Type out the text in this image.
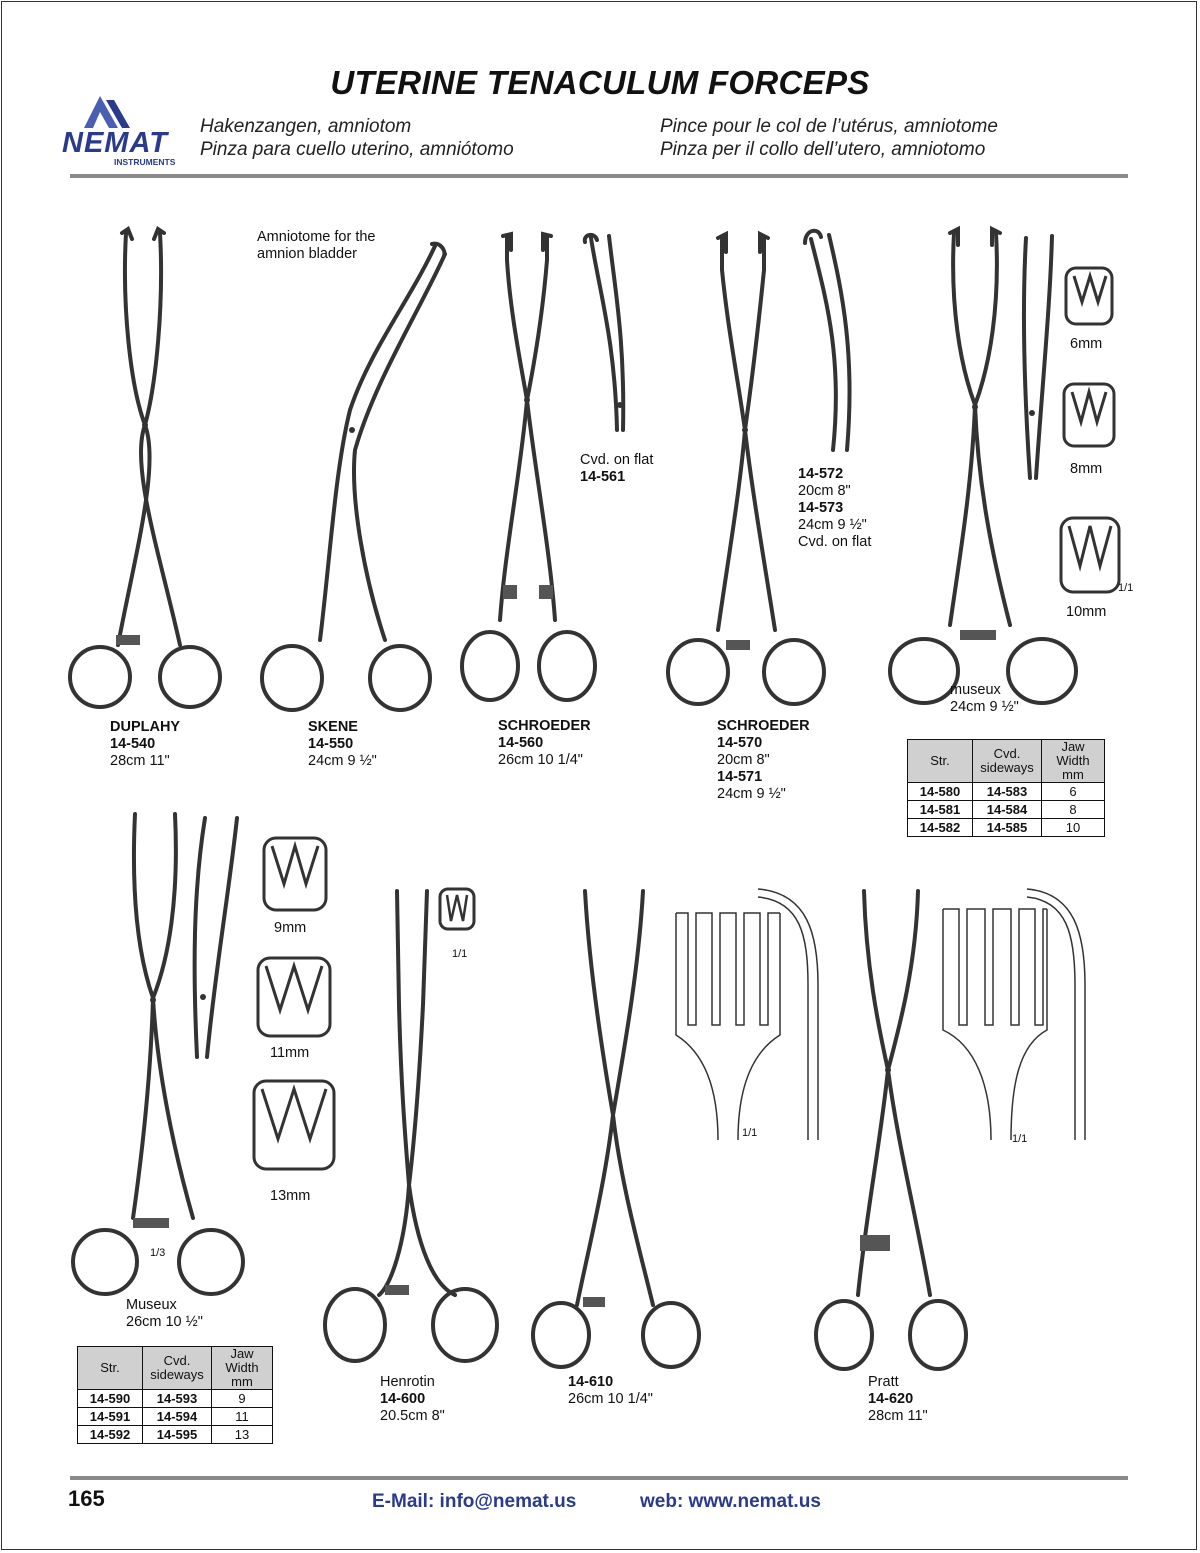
UTERINE TENACULUM FORCEPS
NEMAT
INSTRUMENTS
Hakenzangen, amniotom
Pinza para cuello uterino, amniótomo
Pince pour le col de l’utérus, amniotome
Pinza per il collo dell’utero, amniotomo
DUPLAHY
14-540
28cm 11"
Amniotome for the
amnion bladder
SKENE
14-550
24cm 9 ½"
Cvd. on flat
14-561
SCHROEDER
14-560
26cm 10 1/4"
14-572
20cm 8"
14-573
24cm 9 ½"
Cvd. on flat
SCHROEDER
14-570
20cm 8"
14-571
24cm 9 ½"
6mm
8mm
10mm
1/1
museux
24cm 9 ½"
Str.	Cvd. sideways	Jaw Width mm
14-580	14-583	6
14-581	14-584	8
14-582	14-585	10
9mm
11mm
13mm
1/3
Museux
26cm 10 ½"
Str.	Cvd. sideways	Jaw Width mm
14-590	14-593	9
14-591	14-594	11
14-592	14-595	13
1/1
Henrotin
14-600
20.5cm 8"
1/1
14-610
26cm 10 1/4"
1/1
Pratt
14-620
28cm 11"
165	E-Mail: info@nemat.us	web: www.nemat.us
